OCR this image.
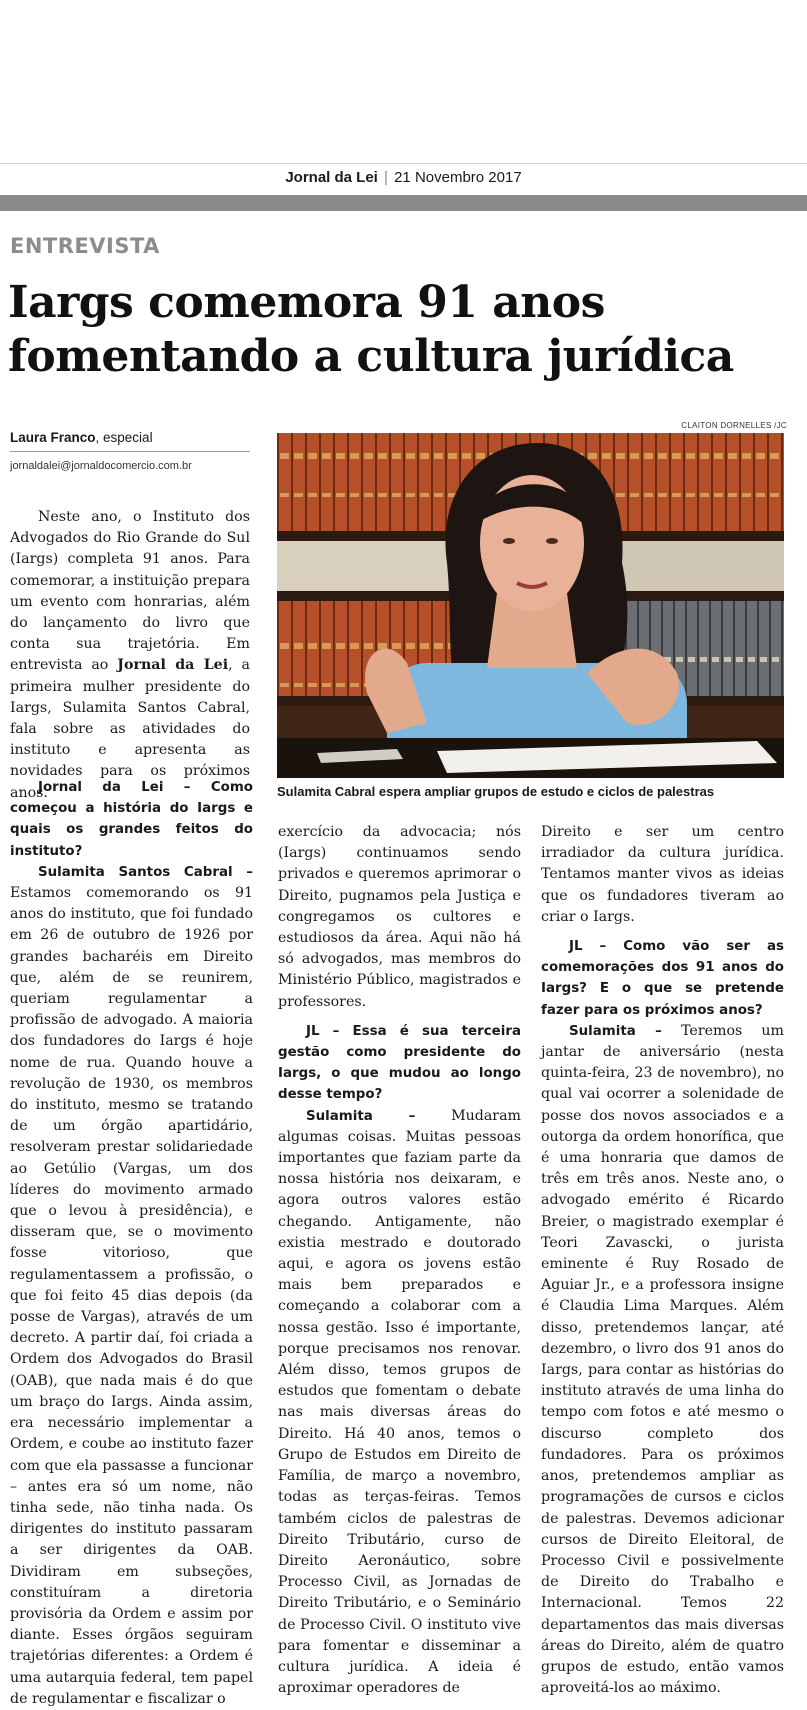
Jornal da Lei | 21 Novembro 2017
ENTREVISTA
Iargs comemora 91 anos
fomentando a cultura jurídica
Laura Franco, especial
jornaldalei@jornaldocomercio.com.br
CLAITON DORNELLES /JC
Sulamita Cabral espera ampliar grupos de estudo e ciclos de palestras

Neste ano, o Instituto dos Advogados do Rio Grande do Sul (Iargs) completa 91 anos. Para comemorar, a instituição prepara um evento com honrarias, além do lançamento do livro que conta sua trajetória. Em entrevista ao Jornal da Lei, a primeira mulher presidente do Iargs, Sulamita Santos Cabral, fala sobre as atividades do instituto e apresenta as novidades para os próximos anos.

Jornal da Lei – Como começou a história do Iargs e quais os grandes feitos do instituto?

Sulamita Santos Cabral – Estamos comemorando os 91 anos do instituto, que foi fundado em 26 de outubro de 1926 por grandes bacharéis em Direito que, além de se reunirem, queriam regulamentar a profissão de advogado. A maioria dos fundadores do Iargs é hoje nome de rua. Quando houve a revolução de 1930, os membros do instituto, mesmo se tratando de um órgão apartidário, resolveram prestar solidariedade ao Getúlio (Vargas, um dos líderes do movimento armado que o levou à presidência), e disseram que, se o movimento fosse vitorioso, que regulamentassem a profissão, o que foi feito 45 dias depois (da posse de Vargas), através de um decreto. A partir daí, foi criada a Ordem dos Advogados do Brasil (OAB), que nada mais é do que um braço do Iargs. Ainda assim, era necessário implementar a Ordem, e coube ao instituto fazer com que ela passasse a funcionar – antes era só um nome, não tinha sede, não tinha nada. Os dirigentes do instituto passaram a ser dirigentes da OAB. Dividiram em subseções, constituíram a diretoria provisória da Ordem e assim por diante. Esses órgãos seguiram trajetórias diferentes: a Ordem é uma autarquia federal, tem papel de regulamentar e fiscalizar o

exercício da advocacia; nós (Iargs) continuamos sendo privados e queremos aprimorar o Direito, pugnamos pela Justiça e congregamos os cultores e estudiosos da área. Aqui não há só advogados, mas membros do Ministério Público, magistrados e professores.

JL – Essa é sua terceira gestão como presidente do Iargs, o que mudou ao longo desse tempo?

Sulamita – Mudaram algumas coisas. Muitas pessoas importantes que faziam parte da nossa história nos deixaram, e agora outros valores estão chegando. Antigamente, não existia mestrado e doutorado aqui, e agora os jovens estão mais bem preparados e começando a colaborar com a nossa gestão. Isso é importante, porque precisamos nos renovar. Além disso, temos grupos de estudos que fomentam o debate nas mais diversas áreas do Direito. Há 40 anos, temos o Grupo de Estudos em Direito de Família, de março a novembro, todas as terças-feiras. Temos também ciclos de palestras de Direito Tributário, curso de Direito Aeronáutico, sobre Processo Civil, as Jornadas de Direito Tributário, e o Seminário de Processo Civil. O instituto vive para fomentar e disseminar a cultura jurídica. A ideia é aproximar operadores de

Direito e ser um centro irradiador da cultura jurídica. Tentamos manter vivos as ideias que os fundadores tiveram ao criar o Iargs.

JL – Como vão ser as comemorações dos 91 anos do Iargs? E o que se pretende fazer para os próximos anos?

Sulamita – Teremos um jantar de aniversário (nesta quinta-feira, 23 de novembro), no qual vai ocorrer a solenidade de posse dos novos associados e a outorga da ordem honorífica, que é uma honraria que damos de três em três anos. Neste ano, o advogado emérito é Ricardo Breier, o magistrado exemplar é Teori Zavascki, o jurista eminente é Ruy Rosado de Aguiar Jr., e a professora insigne é Claudia Lima Marques. Além disso, pretendemos lançar, até dezembro, o livro dos 91 anos do Iargs, para contar as histórias do instituto através de uma linha do tempo com fotos e até mesmo o discurso completo dos fundadores. Para os próximos anos, pretendemos ampliar as programações de cursos e ciclos de palestras. Devemos adicionar cursos de Direito Eleitoral, de Processo Civil e possivelmente de Direito do Trabalho e Internacional. Temos 22 departamentos das mais diversas áreas do Direito, além de quatro grupos de estudo, então vamos aproveitá-los ao máximo.
